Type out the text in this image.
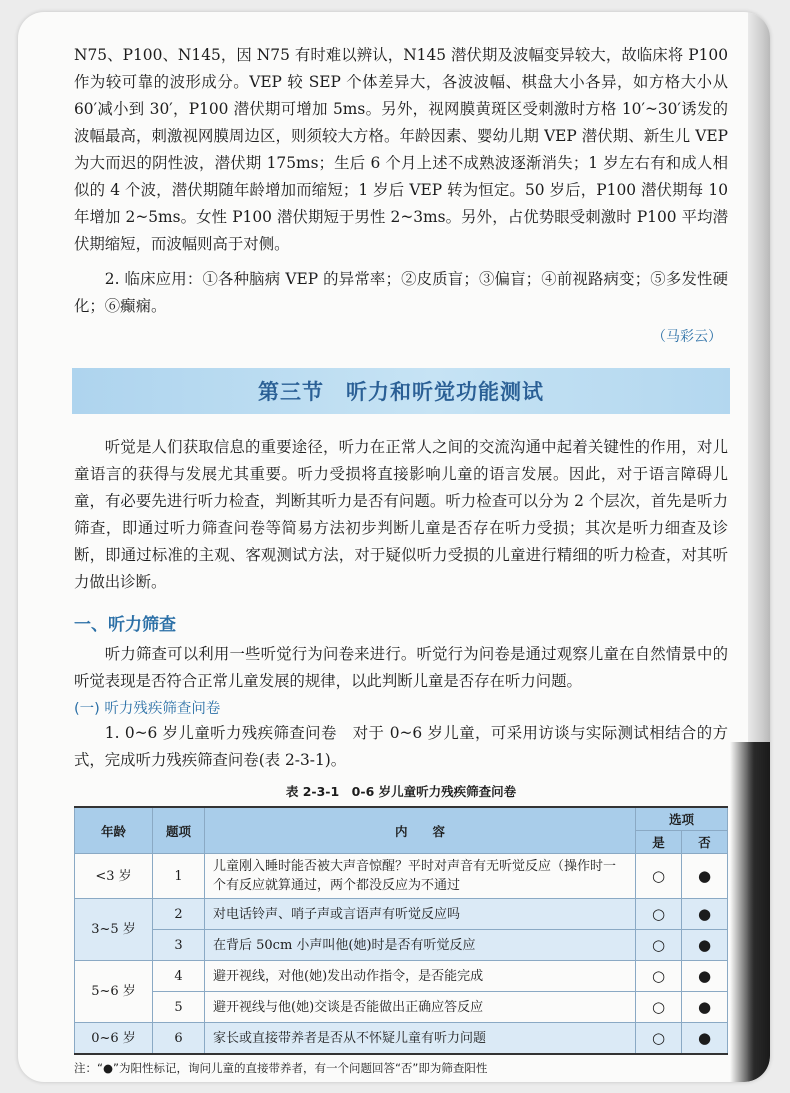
N75、P100、N145，因 N75 有时难以辨认，N145 潜伏期及波幅变异较大，故临床将 P100 作为较可靠的波形成分。VEP 较 SEP 个体差异大，各波波幅、棋盘大小各异，如方格大小从 60′减小到 30′，P100 潜伏期可增加 5ms。另外，视网膜黄斑区受刺激时方格 10′~30′诱发的波幅最高，刺激视网膜周边区，则须较大方格。年龄因素、婴幼儿期 VEP 潜伏期、新生儿 VEP 为大而迟的阴性波，潜伏期 175ms；生后 6 个月上述不成熟波逐渐消失；1 岁左右有和成人相似的 4 个波，潜伏期随年龄增加而缩短；1 岁后 VEP 转为恒定。50 岁后，P100 潜伏期每 10 年增加 2~5ms。女性 P100 潜伏期短于男性 2~3ms。另外，占优势眼受刺激时 P100 平均潜伏期缩短，而波幅则高于对侧。

2. 临床应用：①各种脑病 VEP 的异常率；②皮质盲；③偏盲；④前视路病变；⑤多发性硬化；⑥癫痫。

（马彩云）
第三节 听力和听觉功能测试

听觉是人们获取信息的重要途径，听力在正常人之间的交流沟通中起着关键性的作用，对儿童语言的获得与发展尤其重要。听力受损将直接影响儿童的语言发展。因此，对于语言障碍儿童，有必要先进行听力检查，判断其听力是否有问题。听力检查可以分为 2 个层次，首先是听力筛查，即通过听力筛查问卷等简易方法初步判断儿童是否存在听力受损；其次是听力细查及诊断，即通过标准的主观、客观测试方法，对于疑似听力受损的儿童进行精细的听力检查，对其听力做出诊断。

一、听力筛查

听力筛查可以利用一些听觉行为问卷来进行。听觉行为问卷是通过观察儿童在自然情景中的听觉表现是否符合正常儿童发展的规律，以此判断儿童是否存在听力问题。

(一) 听力残疾筛查问卷

1. 0~6 岁儿童听力残疾筛查问卷　对于 0~6 岁儿童，可采用访谈与实际测试相结合的方式，完成听力残疾筛查问卷(表 2-3-1)。

表 2-3-1　0-6 岁儿童听力残疾筛查问卷
年龄	题项	内　　容	选项	
			是	否
<3 岁	1	儿童刚入睡时能否被大声音惊醒？平时对声音有无听觉反应（操作时一个有反应就算通过，两个都没反应为不通过	○	●
3~5 岁	2	对电话铃声、哨子声或言语声有听觉反应吗	○	●
	3	在背后 50cm 小声叫他(她)时是否有听觉反应	○	●
5~6 岁	4	避开视线，对他(她)发出动作指令，是否能完成	○	●
	5	避开视线与他(她)交谈是否能做出正确应答反应	○	●
0~6 岁	6	家长或直接带养者是否从不怀疑儿童有听力问题	○	●
注：“●”为阳性标记，询问儿童的直接带养者，有一个问题回答“否”即为筛查阳性
